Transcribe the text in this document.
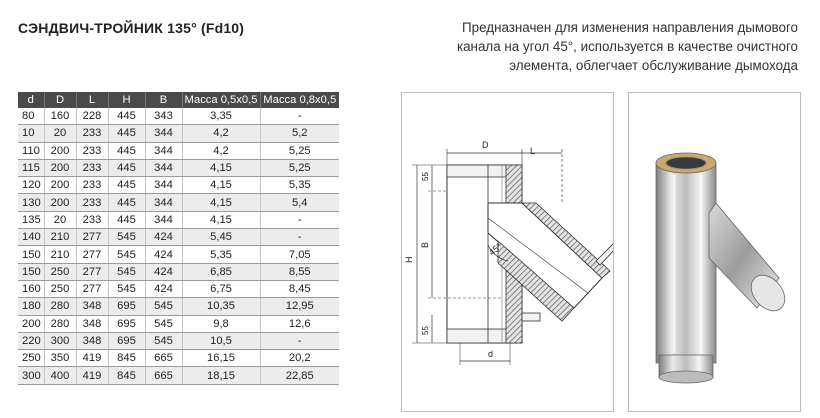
СЭНДВИЧ-ТРОЙНИК 135° (Fd10)	Предназначен для изменения направления дымового
канала на угол 45°, используется в качестве очистного
элемента, облегчает обслуживание дымохода
d	D	L	H	B	Масса 0,5x0,5	Масса 0,8x0,5
80	160	228	445	343	3,35	-
10	20	233	445	344	4,2	5,2
110	200	233	445	344	4,2	5,25
115	200	233	445	344	4,15	5,25
120	200	233	445	344	4,15	5,35
130	200	233	445	344	4,15	5,4
135	20	233	445	344	4,15	-
140	210	277	545	424	5,45	-
150	210	277	545	424	5,35	7,05
150	250	277	545	424	6,85	8,55
160	250	277	545	424	6,75	8,45
180	280	348	695	545	10,35	12,95
200	280	348	695	545	9,8	12,6
220	300	348	695	545	10,5	-
250	350	419	845	665	16,15	20,2
300	400	419	845	665	18,15	22,85
45°
D
L
H
B
55
55
d
